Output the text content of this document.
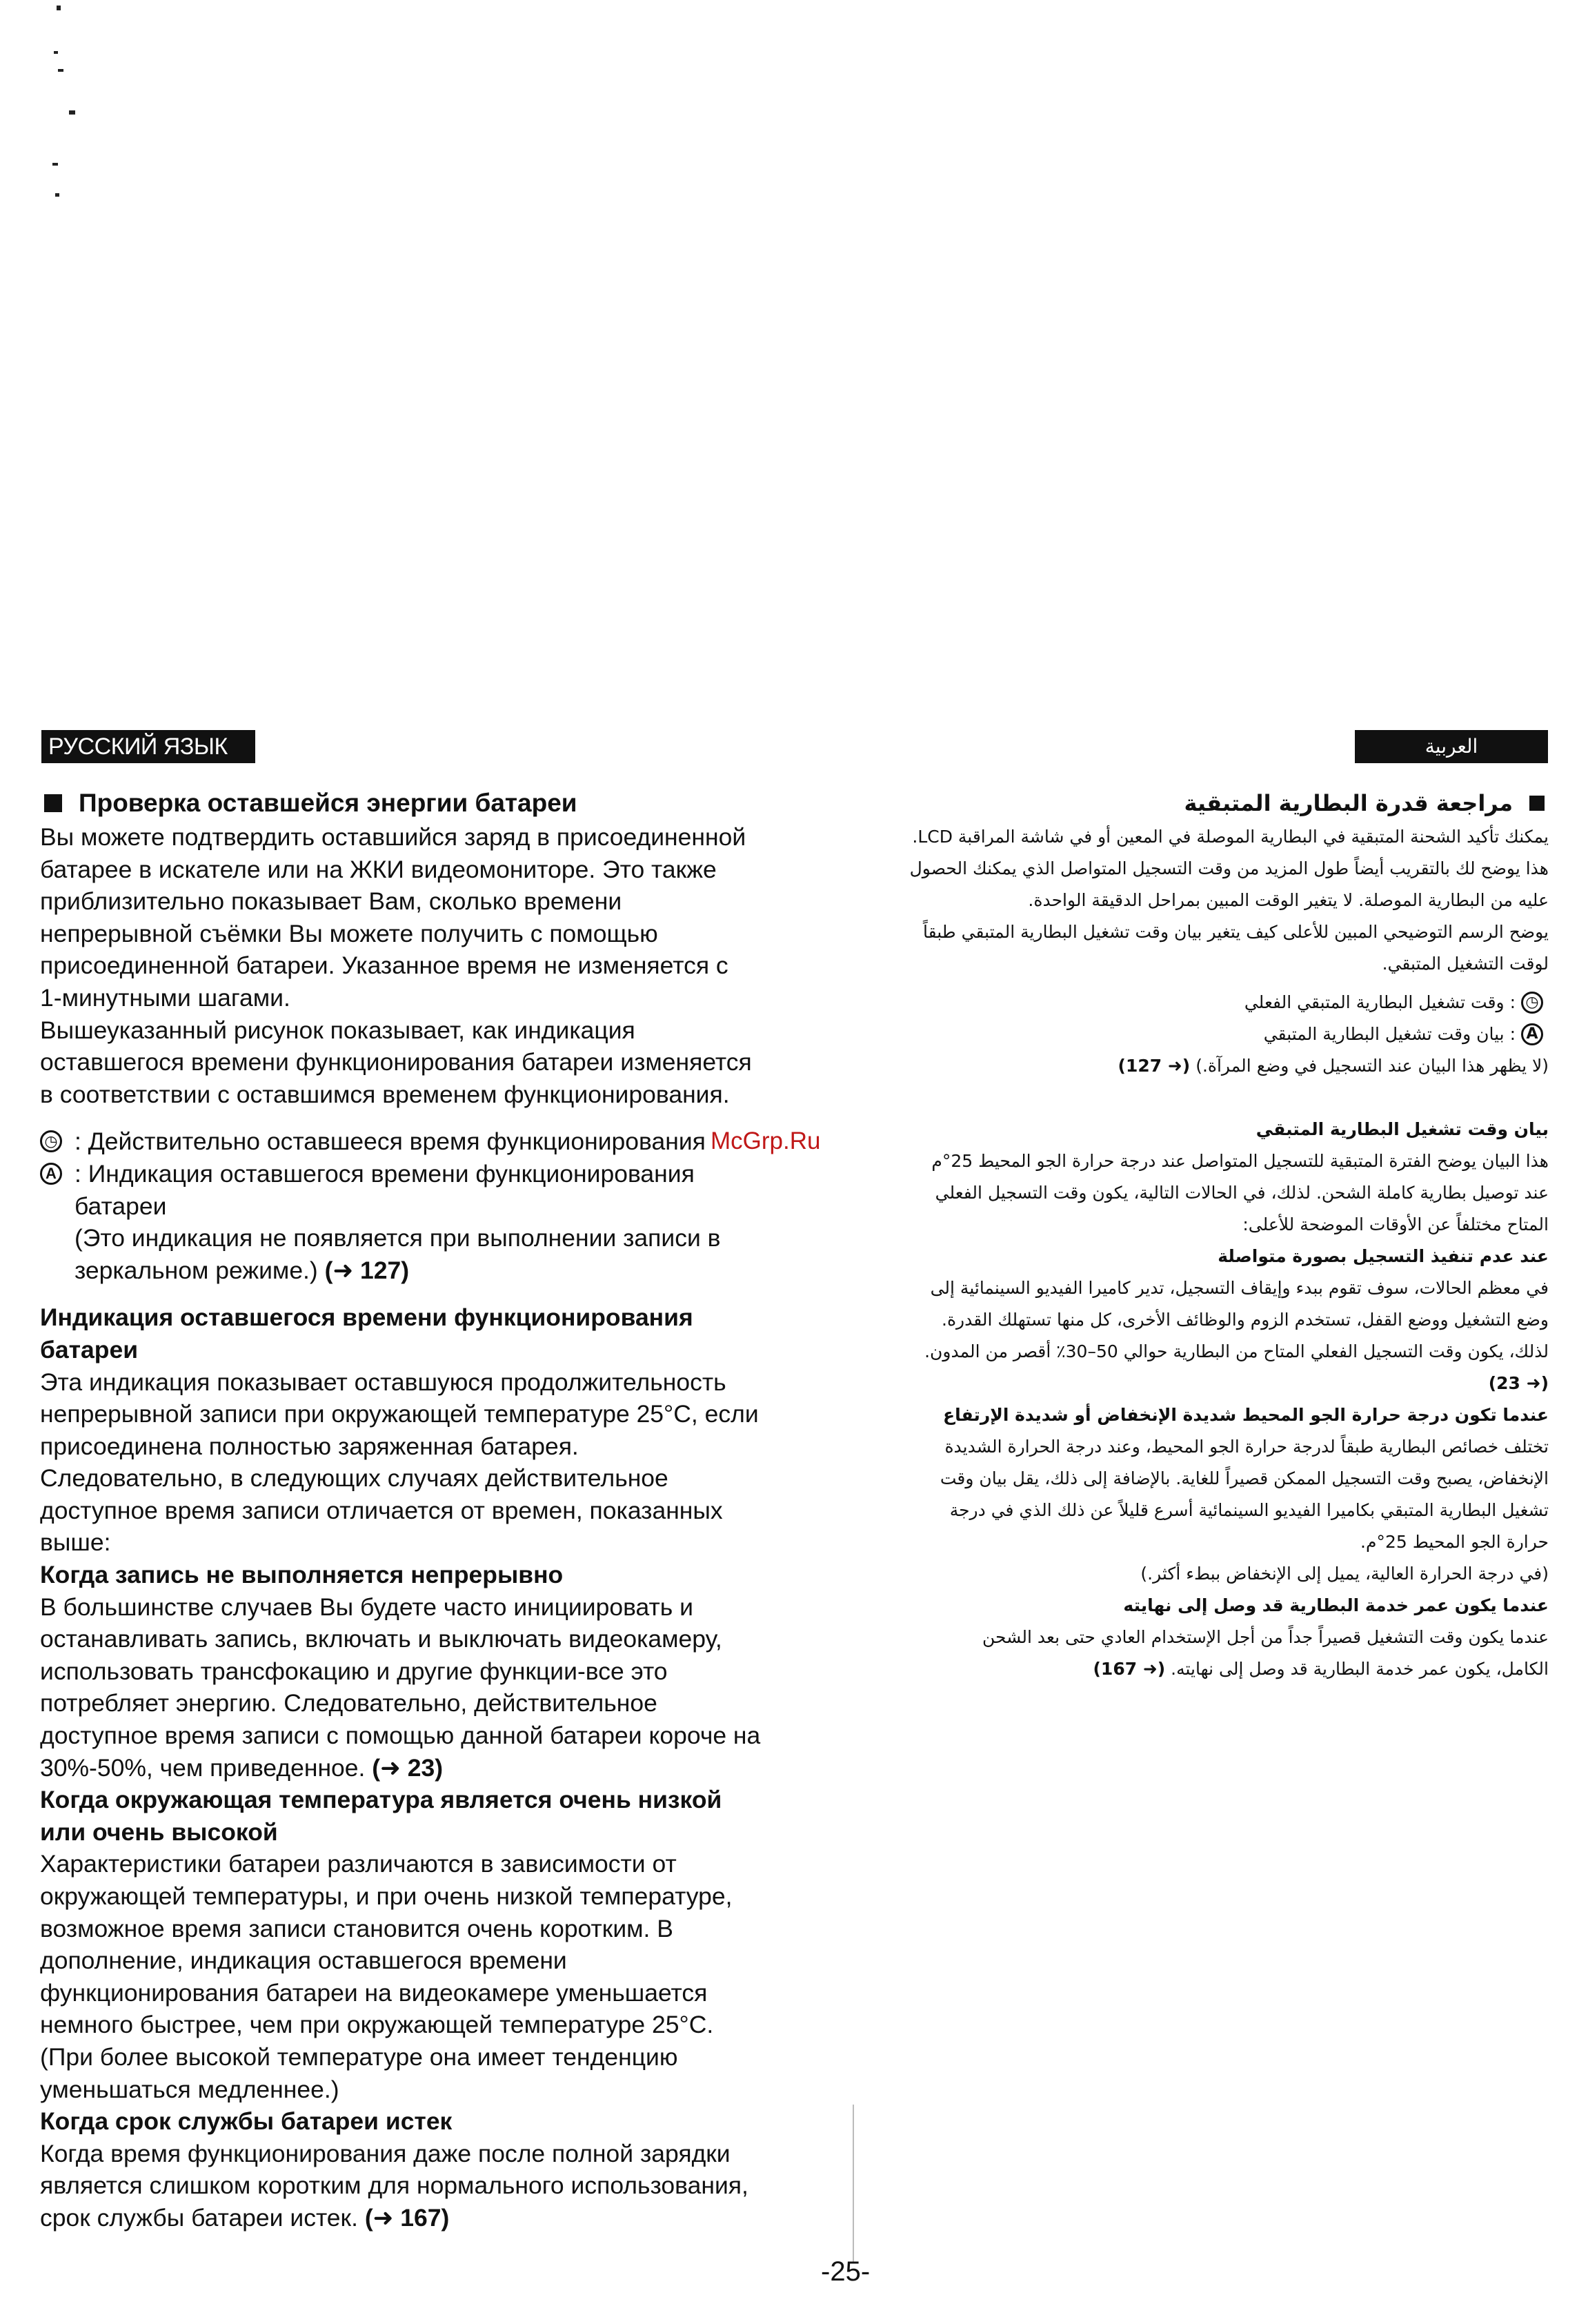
РУССКИЙ ЯЗЫК	العربية
Проверка оставшейся энергии батареи

Вы можете подтвердить оставшийся заряд в присоединенной

батарее в искателе или на ЖКИ видеомониторе. Это также

приблизительно показывает Вам, сколько времени

непрерывной съёмки Вы можете получить с помощью

присоединенной батареи. Указанное время не изменяется с

1-минутными шагами.

Вышеуказанный рисунок показывает, как индикация

оставшегося времени функционирования батареи изменяется

в соответствии с оставшимся временем функционирования.

◷ : Действительно оставшееся время функционирования
A : Индикация оставшегося времени функционирования

батареи

(Это индикация не появляется при выполнении записи в

зеркальном режиме.) (➜ 127)

Индикация оставшегося времени функционирования

батареи

Эта индикация показывает оставшуюся продолжительность

непрерывной записи при окружающей температуре 25°C, если

присоединена полностью заряженная батарея.

Следовательно, в следующих случаях действительное

доступное время записи отличается от времен, показанных

выше:

Когда запись не выполняется непрерывно

В большинстве случаев Вы будете часто инициировать и

останавливать запись, включать и выключать видеокамеру,

использовать трансфокацию и другие функции-все это

потребляет энергию. Следовательно, действительное

доступное время записи с помощью данной батареи короче на

30%-50%, чем приведенное. (➜ 23)

Когда окружающая температура является очень низкой

или очень высокой

Характеристики батареи различаются в зависимости от

окружающей температуры, и при очень низкой температуре,

возможное время записи становится очень коротким. В

дополнение, индикация оставшегося времени

функционирования батареи на видеокамере уменьшается

немного быстрее, чем при окружающей температуре 25°C.

(При более высокой температуре она имеет тенденцию

уменьшаться медленнее.)

Когда срок службы батареи истек

Когда время функционирования даже после полной зарядки

является слишком коротким для нормального использования,

срок службы батареи истек. (➜ 167)

مراجعة قدرة البطارية المتبقية

يمكنك تأكيد الشحنة المتبقية في البطارية الموصلة في المعين أو في شاشة المراقبة LCD.

هذا يوضح لك بالتقريب أيضاً طول المزيد من وقت التسجيل المتواصل الذي يمكنك الحصول

عليه من البطارية الموصلة. لا يتغير الوقت المبين بمراحل الدقيقة الواحدة.

يوضح الرسم التوضيحي المبين للأعلى كيف يتغير بيان وقت تشغيل البطارية المتبقي طبقاً

لوقت التشغيل المتبقي.

◷
: وقت تشغيل البطارية المتبقي الفعلي
A
: بيان وقت تشغيل البطارية المتبقي

(لا يظهر هذا البيان عند التسجيل في وضع المرآة.) (➜ 127)

بيان وقت تشغيل البطارية المتبقي

هذا البيان يوضح الفترة المتبقية للتسجيل المتواصل عند درجة حرارة الجو المحيط 25°م

عند توصيل بطارية كاملة الشحن. لذلك، في الحالات التالية، يكون وقت التسجيل الفعلي

المتاح مختلفاً عن الأوقات الموضحة للأعلى:

عند عدم تنفيذ التسجيل بصورة متواصلة

في معظم الحالات، سوف تقوم ببدء وإيقاف التسجيل، تدير كاميرا الفيديو السينمائية إلى

وضع التشغيل ووضع القفل، تستخدم الزوم والوظائف الأخرى، كل منها تستهلك القدرة.

لذلك، يكون وقت التسجيل الفعلي المتاح من البطارية حوالي 50–30٪ أقصر من المدون.

(➜ 23)

عندما تكون درجة حرارة الجو المحيط شديدة الإنخفاض أو شديدة الإرتفاع

تختلف خصائص البطارية طبقاً لدرجة حرارة الجو المحيط، وعند درجة الحرارة الشديدة

الإنخفاض، يصبح وقت التسجيل الممكن قصيراً للغاية. بالإضافة إلى ذلك، يقل بيان وقت

تشغيل البطارية المتبقي بكاميرا الفيديو السينمائية أسرع قليلاً عن ذلك الذي في درجة

حرارة الجو المحيط 25°م.

(في درجة الحرارة العالية، يميل إلى الإنخفاض ببطء أكثر.)

عندما يكون عمر خدمة البطارية قد وصل إلى نهايته

عندما يكون وقت التشغيل قصيراً جداً من أجل الإستخدام العادي حتى بعد الشحن

الكامل، يكون عمر خدمة البطارية قد وصل إلى نهايته. (➜ 167)

McGrp.Ru
-25-
